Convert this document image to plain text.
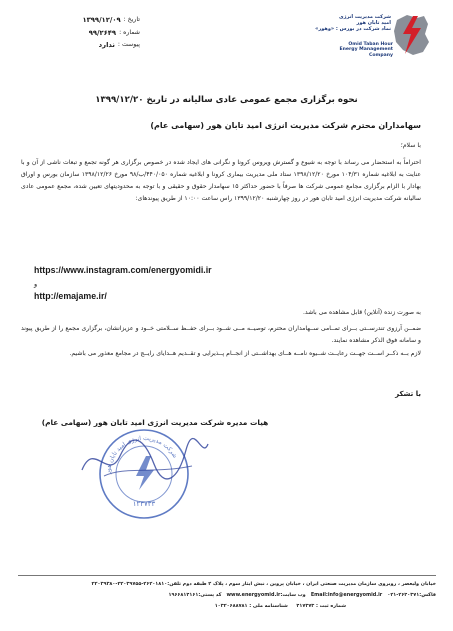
تاریخ :
۱۳۹۹/۱۲/۰۹
شماره :
۹۹/۲۶۴۹
پیوست :
ندارد
شرکت مدیریت انرژی
امید تابان هور
نماد شرکت در بورس : «وهور»
Omid Taban Hour
Energy Management
Company
نحوه برگزاری مجمع عمومی عادی سالیانه در تاریخ ۱۳۹۹/۱۲/۲۰
سهامداران محترم شرکت مدیریت انرژی امید تابان هور (سهامی عام)
با سلام؛
احتراماً به استحضار می رساند با توجه به شیوع و گسترش ویروس کرونا و نگرانی های ایجاد شده در خصوص برگزاری هر گونه تجمع و تبعات ناشی از آن و با عنایت به ابلاغیه شماره ۱۰۴/۳۱ مورخ ۱۳۹۸/۱۲/۲۰ ستاد ملی مدیریت بیماری کرونا و ابلاغیه شماره ۴۴۰/۰۵۰/ب/۹۸ مورخ ۱۳۹۸/۱۲/۲۶ سازمان بورس و اوراق بهادار با الزام برگزاری مجامع عمومی شرکت ها صرفاً با حضور حداکثر ۱۵ سهامدار حقوق و حقیقی و با توجه به محدودیتهای تعیین شده، مجمع عمومی عادی سالیانه شرکت مدیریت انرژی امید تابان هور در روز چهارشنبه ۱۳۹۹/۱۲/۲۰ راس ساعت ۱۰:۰۰ از طریق پیوندهای:
https://www.instagram.com/energyomidi.ir
و
http://emajame.ir/
به صورت زنده (آنلاین) قابل مشاهده می باشد.
ضمــن آرزوی تندرســتی بــرای تمــامی ســهامداران محترم، توصیــه مــی شــود بــرای حفــظ ســلامتی خــود و عزیزانشان، برگزاری مجمع را از طریق پیوند و سامانه فوق الذکر مشاهده نمایند.
لازم بــه ذکــر اســت جهــت رعایــت شــیوه نامــه هــای بهداشــتی از انجــام پــذیرایی و تقــدیم هــدایای رایــج در مجامع معذور می باشیم.
با تشکر
هیات مدیره شرکت مدیریت انرژی امید تابان هور (سهامی عام)
شرکت مدیریت انرژی امید تابان هور
۱۲۳۷۳۳
خیابان ولیعصر ، روبروی سازمان مدیریت صنعتی ایران ، خیابان پروین ، نبش ایثار سوم ، پلاک ۲ طبقه دوم تلفن:۲۶۲۰۱۸۱۰-۲۲۰۳۹۷۵۵-۲۲۰۳۹۳۸۰
فاکس:۲۶۴۰۳۷۱-۰۲۱   Email:info@energyomid.ir   وب سایت:www.energyomid.ir   کد پستی:۱۹۶۶۸۱۴۱۶۱
شماره ثبت : ۴۱۷۳۷۳     شناسنامه ملی : ۱۰۳۲۰۶۸۸۷۸۱
